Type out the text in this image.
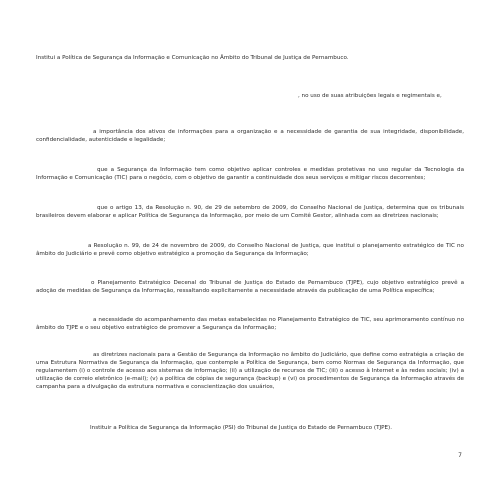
Institui a Política de Segurança da Informação e Comunicação no Âmbito do Tribunal de Justiça de Pernambuco.
, no uso de suas atribuições legais e regimentais e,
a importância dos ativos de informações para a organização e a necessidade de garantia de sua integridade, disponibilidade, confidencialidade, autenticidade e legalidade;
que a Segurança da Informação tem como objetivo aplicar controles e medidas protetivas no uso regular da Tecnologia da Informação e Comunicação (TIC) para o negócio, com o objetivo de garantir a continuidade dos seus serviços e mitigar riscos decorrentes;
que o artigo 13, da Resolução n. 90, de 29 de setembro de 2009, do Conselho Nacional de Justiça, determina que os tribunais brasileiros devem elaborar e aplicar Política de Segurança da Informação, por meio de um Comitê Gestor, alinhada com as diretrizes nacionais;
a Resolução n. 99, de 24 de novembro de 2009, do Conselho Nacional de Justiça, que institui o planejamento estratégico de TIC no âmbito do Judiciário e prevê como objetivo estratégico a promoção da Segurança da Informação;
o Planejamento Estratégico Decenal do Tribunal de Justiça do Estado de Pernambuco (TJPE), cujo objetivo estratégico prevê a adoção de medidas de Segurança da Informação, ressaltando explicitamente a necessidade através da publicação de uma Política específica;
a necessidade do acompanhamento das metas estabelecidas no Planejamento Estratégico de TIC, seu aprimoramento contínuo no âmbito do TJPE e o seu objetivo estratégico de promover a Segurança da Informação;
as diretrizes nacionais para a Gestão de Segurança da Informação no âmbito do Judiciário, que define como estratégia a criação de uma Estrutura Normativa de Segurança da Informação, que contemple a Política de Segurança, bem como Normas de Segurança da Informação, que regulamentem (i) o controle de acesso aos sistemas de informação; (ii) a utilização de recursos de TIC; (iii) o acesso à Internet e às redes sociais; (iv) a utilização de correio eletrônico (e-mail); (v) a política de cópias de segurança (backup) e (vi) os procedimentos de Segurança da Informação através de campanha para a divulgação da estrutura normativa e conscientização dos usuários,
Instituir a Política de Segurança da Informação (PSI) do Tribunal de Justiça do Estado de Pernambuco (TJPE).
7
